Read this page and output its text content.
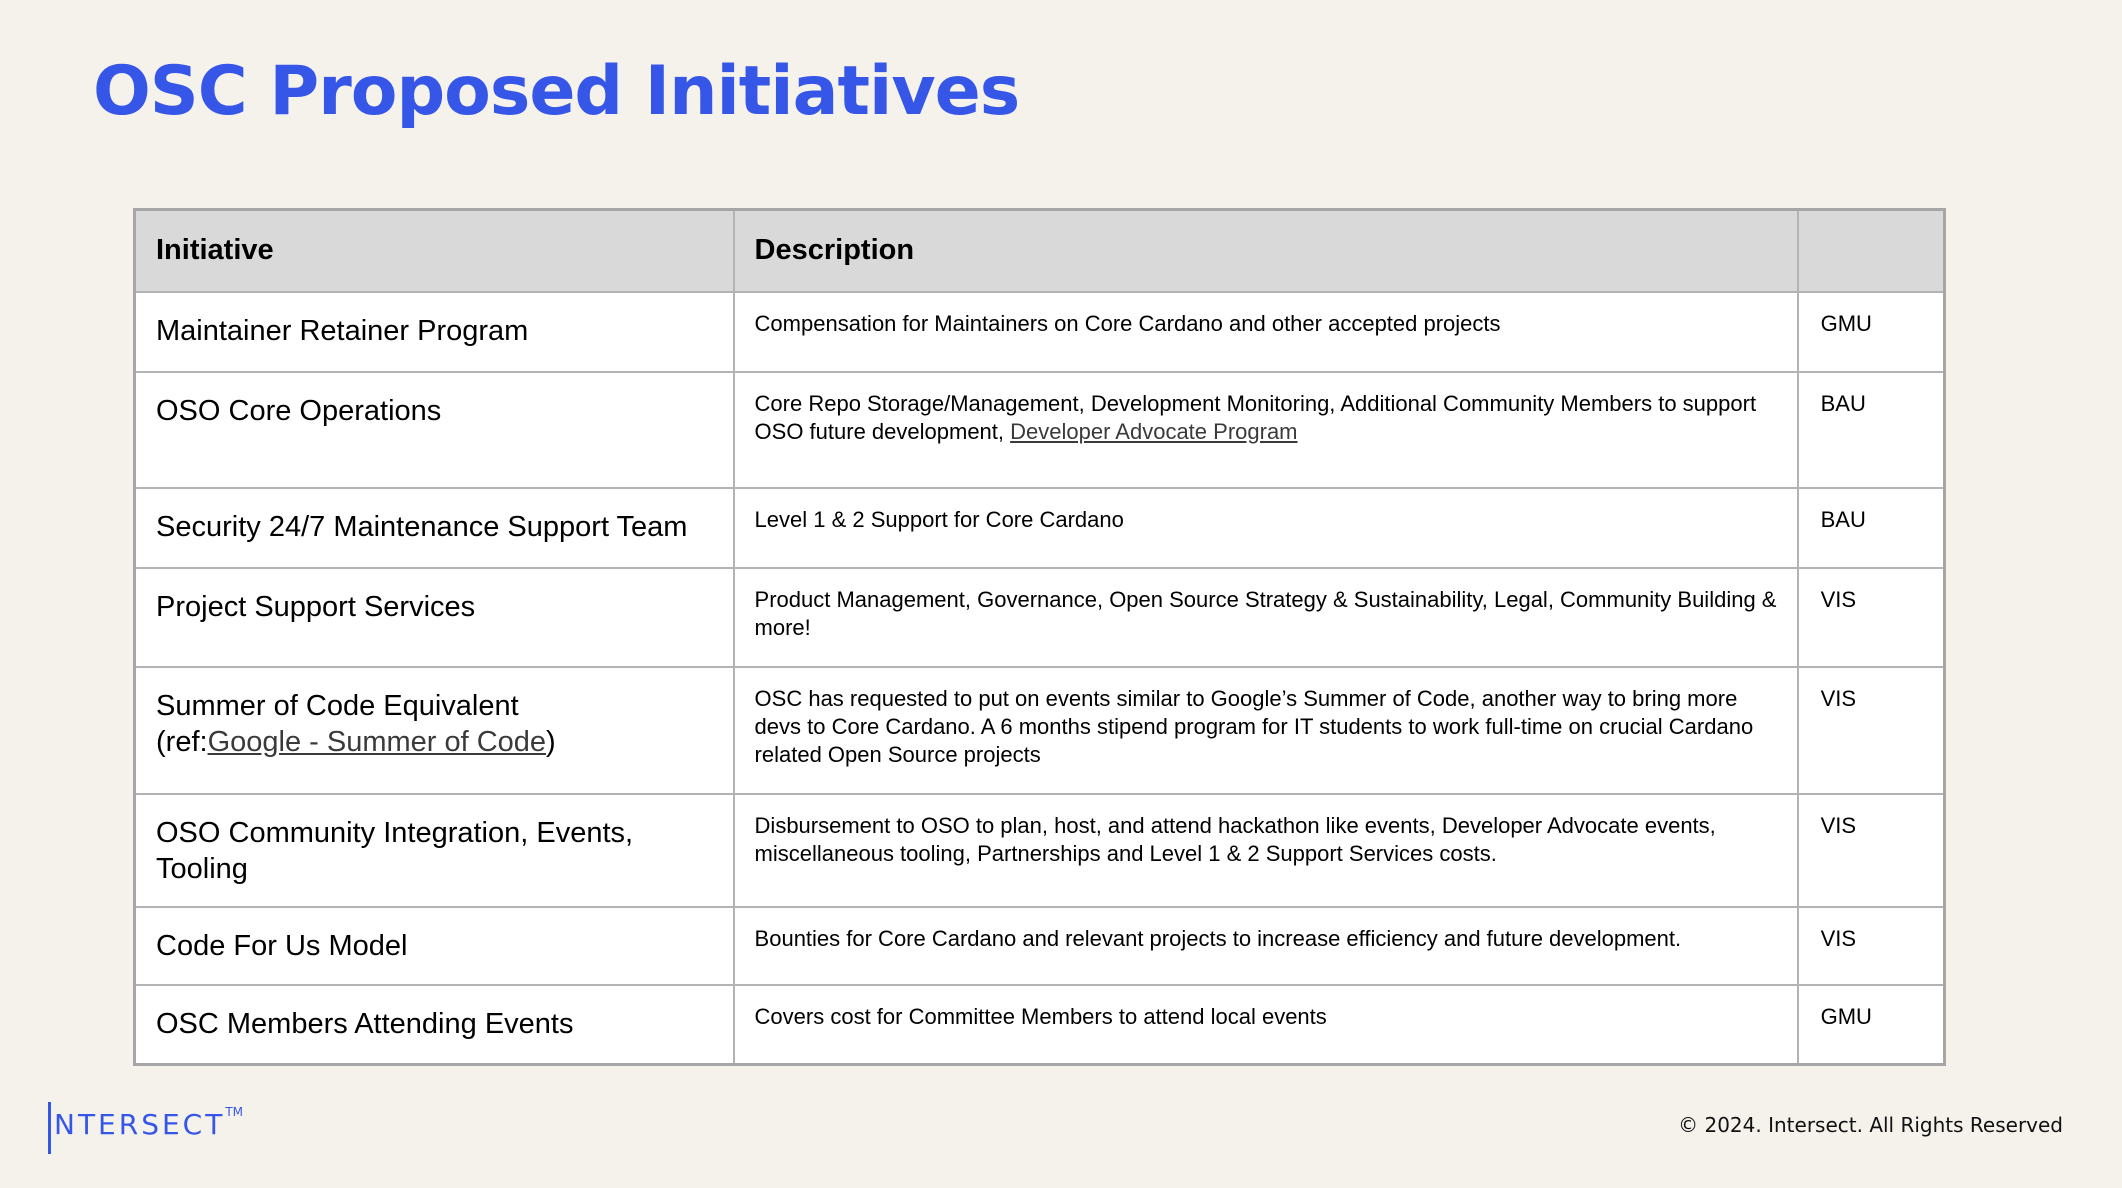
OSC Proposed Initiatives
Initiative	Description	

Maintainer Retainer Program	Compensation for Maintainers on Core Cardano and other accepted projects	GMU

OSO Core Operations	Core Repo Storage/Management, Development Monitoring, Additional Community Members to support OSO future development, Developer Advocate Program	BAU

Security 24/7 Maintenance Support Team	Level 1 & 2 Support for Core Cardano	BAU

Project Support Services	Product Management, Governance, Open Source Strategy & Sustainability, Legal, Community Building & more!	VIS

Summer of Code Equivalent
(ref:Google - Summer of Code)	OSC has requested to put on events similar to Google’s Summer of Code, another way to bring more devs to Core Cardano. A 6 months stipend program for IT students to work full-time on crucial Cardano related Open Source projects	VIS

OSO Community Integration, Events, Tooling	Disbursement to OSO to plan, host, and attend hackathon like events, Developer Advocate events, miscellaneous tooling, Partnerships and Level 1 & 2 Support Services costs.	VIS

Code For Us Model	Bounties for Core Cardano and relevant projects to increase efficiency and future development.	VIS

OSC Members Attending Events	Covers cost for Committee Members to attend local events	GMU
NTERSECT TM
© 2024. Intersect. All Rights Reserved
